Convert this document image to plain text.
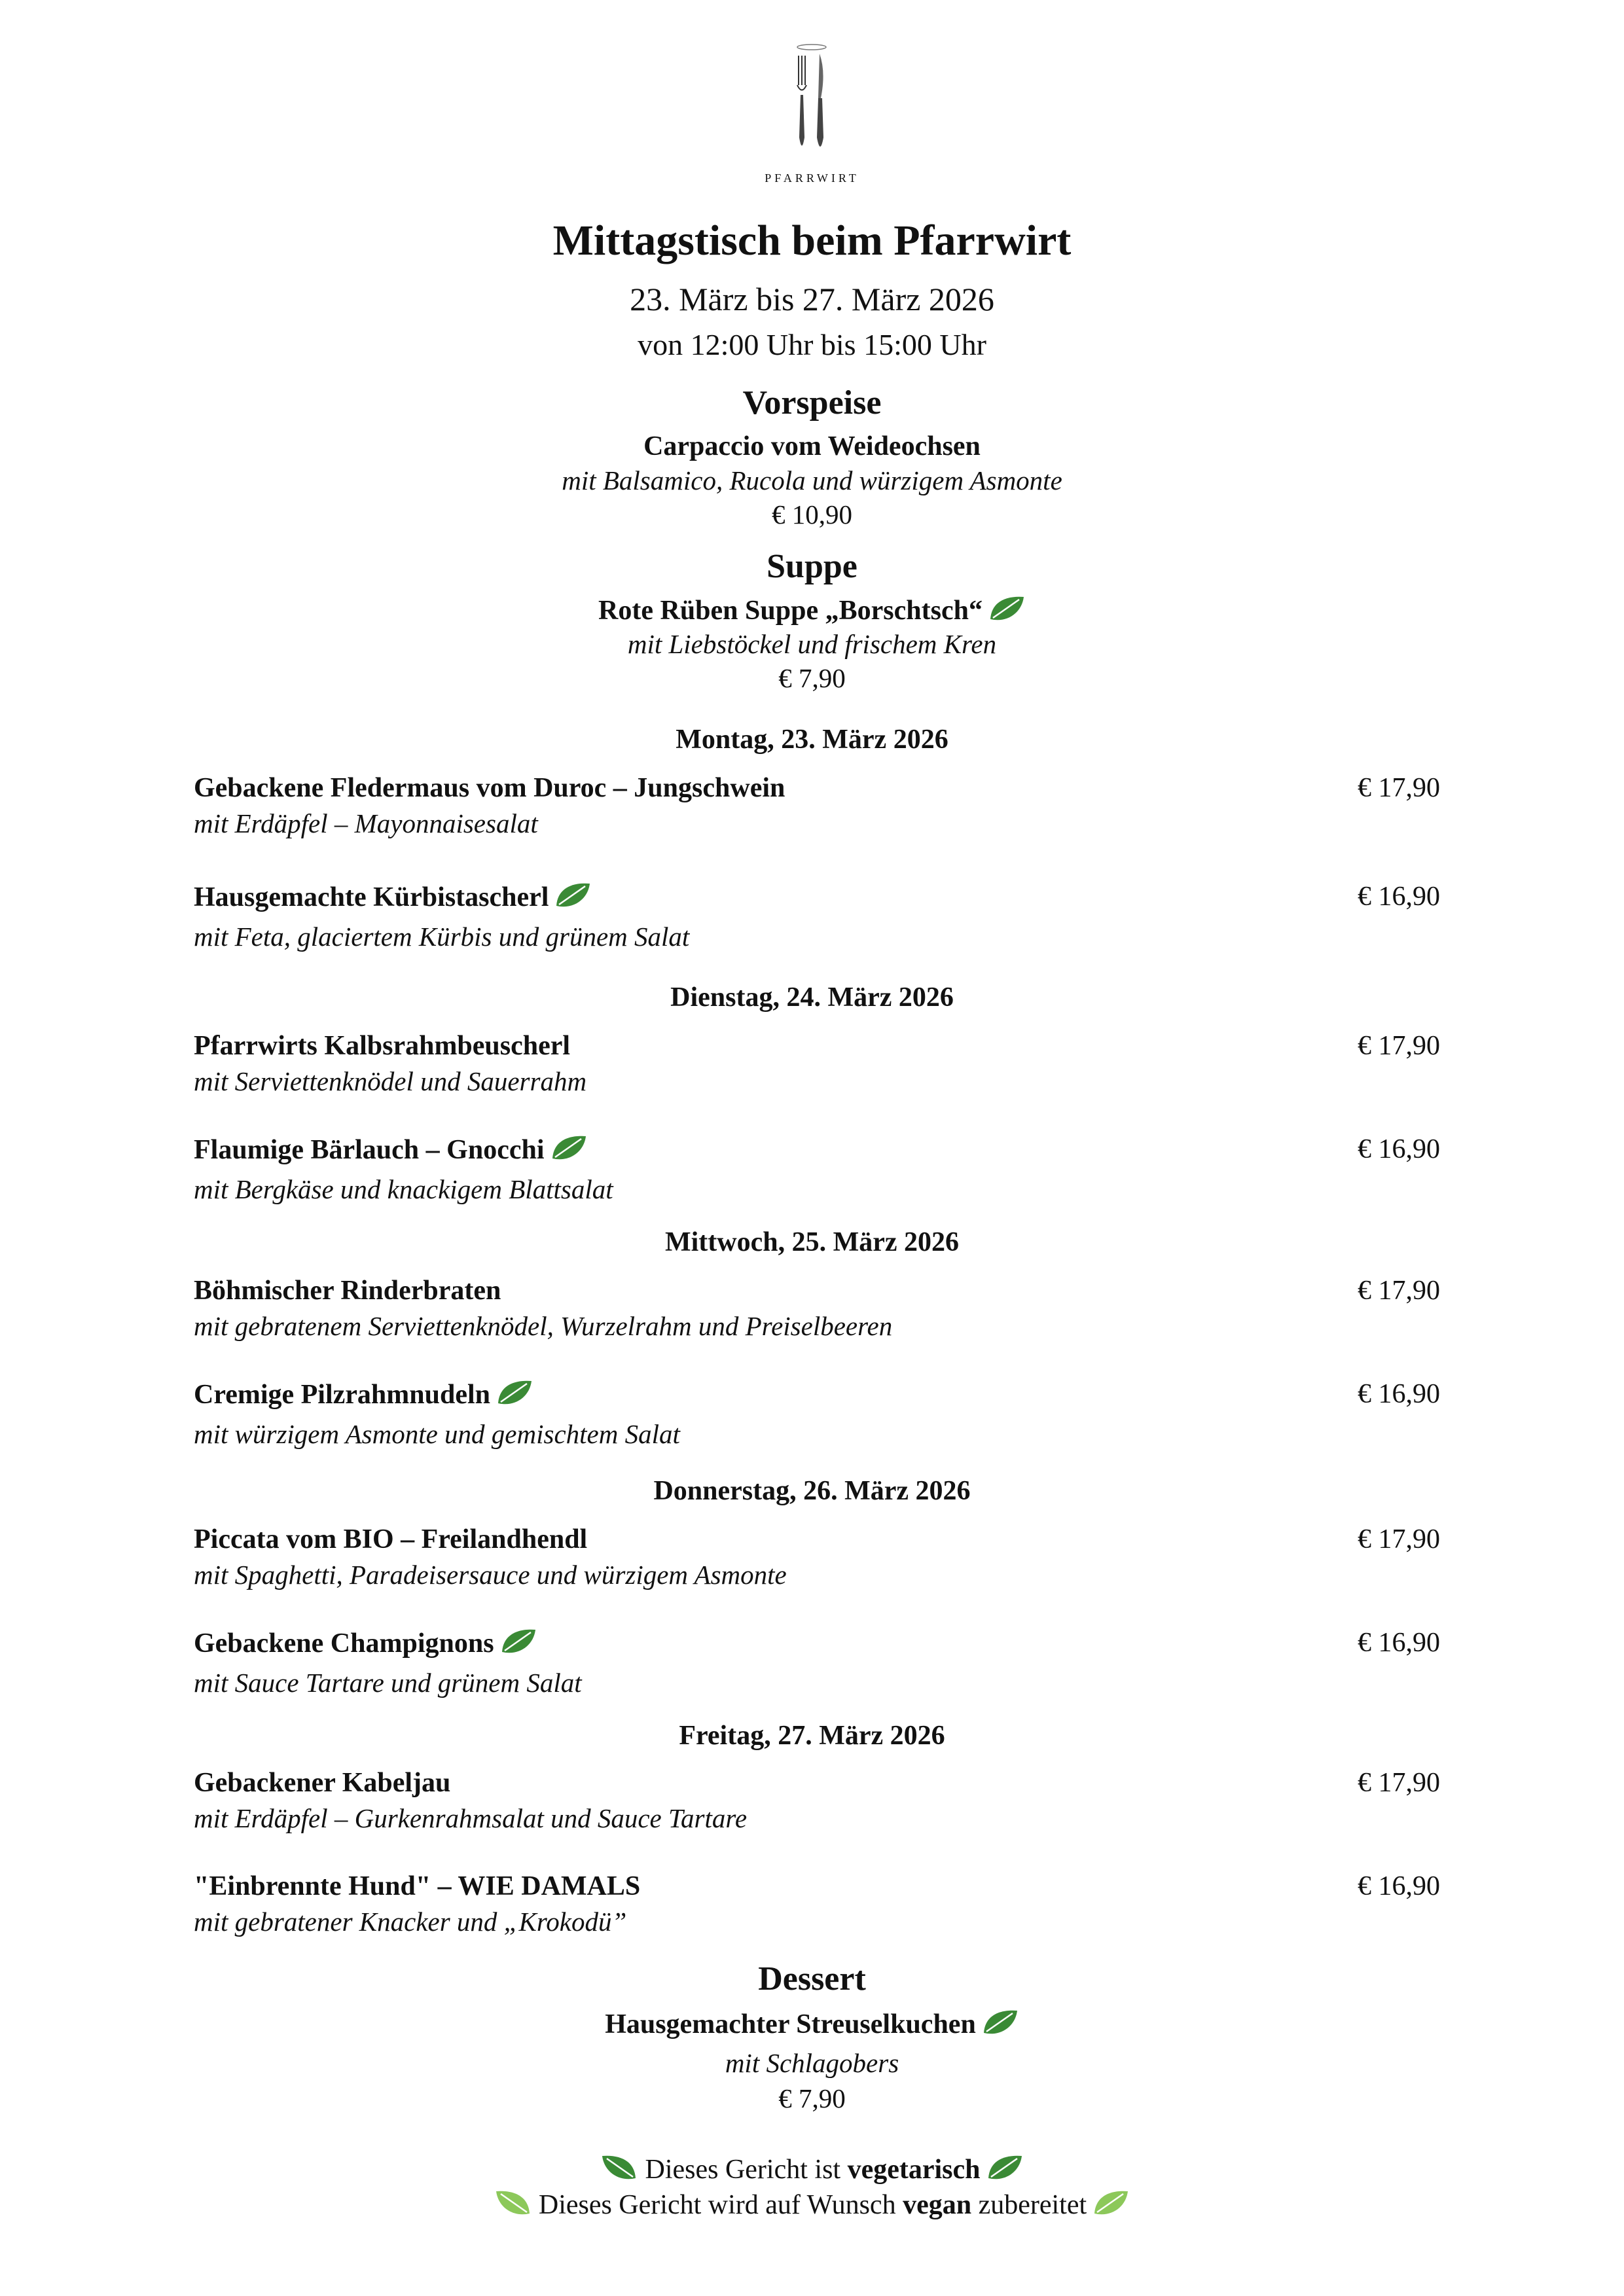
PFARRWIRT
Mittagstisch beim Pfarrwirt
23. März bis 27. März 2026
von 12:00 Uhr bis 15:00 Uhr
Vorspeise
Carpaccio vom Weideochsen
mit Balsamico, Rucola und würzigem Asmonte
€ 10,90
Suppe
Rote Rüben Suppe „Borschtsch“
mit Liebstöckel und frischem Kren
€ 7,90
Montag, 23. März 2026
Gebackene Fledermaus vom Duroc – Jungschwein
mit Erdäpfel – Mayonnaisesalat
€ 17,90
Hausgemachte Kürbistascherl
mit Feta, glaciertem Kürbis und grünem Salat
€ 16,90
Dienstag, 24. März 2026
Pfarrwirts Kalbsrahmbeuscherl
mit Serviettenknödel und Sauerrahm
€ 17,90
Flaumige Bärlauch – Gnocchi
mit Bergkäse und knackigem Blattsalat
€ 16,90
Mittwoch, 25. März 2026
Böhmischer Rinderbraten
mit gebratenem Serviettenknödel, Wurzelrahm und Preiselbeeren
€ 17,90
Cremige Pilzrahmnudeln
mit würzigem Asmonte und gemischtem Salat
€ 16,90
Donnerstag, 26. März 2026
Piccata vom BIO – Freilandhendl
mit Spaghetti, Paradeisersauce und würzigem Asmonte
€ 17,90
Gebackene Champignons
mit Sauce Tartare und grünem Salat
€ 16,90
Freitag, 27. März 2026
Gebackener Kabeljau
mit Erdäpfel – Gurkenrahmsalat und Sauce Tartare
€ 17,90
"Einbrennte Hund" – WIE DAMALS
mit gebratener Knacker und „Krokodü”
€ 16,90
Dessert
Hausgemachter Streuselkuchen
mit Schlagobers
€ 7,90
Dieses Gericht ist vegetarisch
Dieses Gericht wird auf Wunsch vegan zubereitet
